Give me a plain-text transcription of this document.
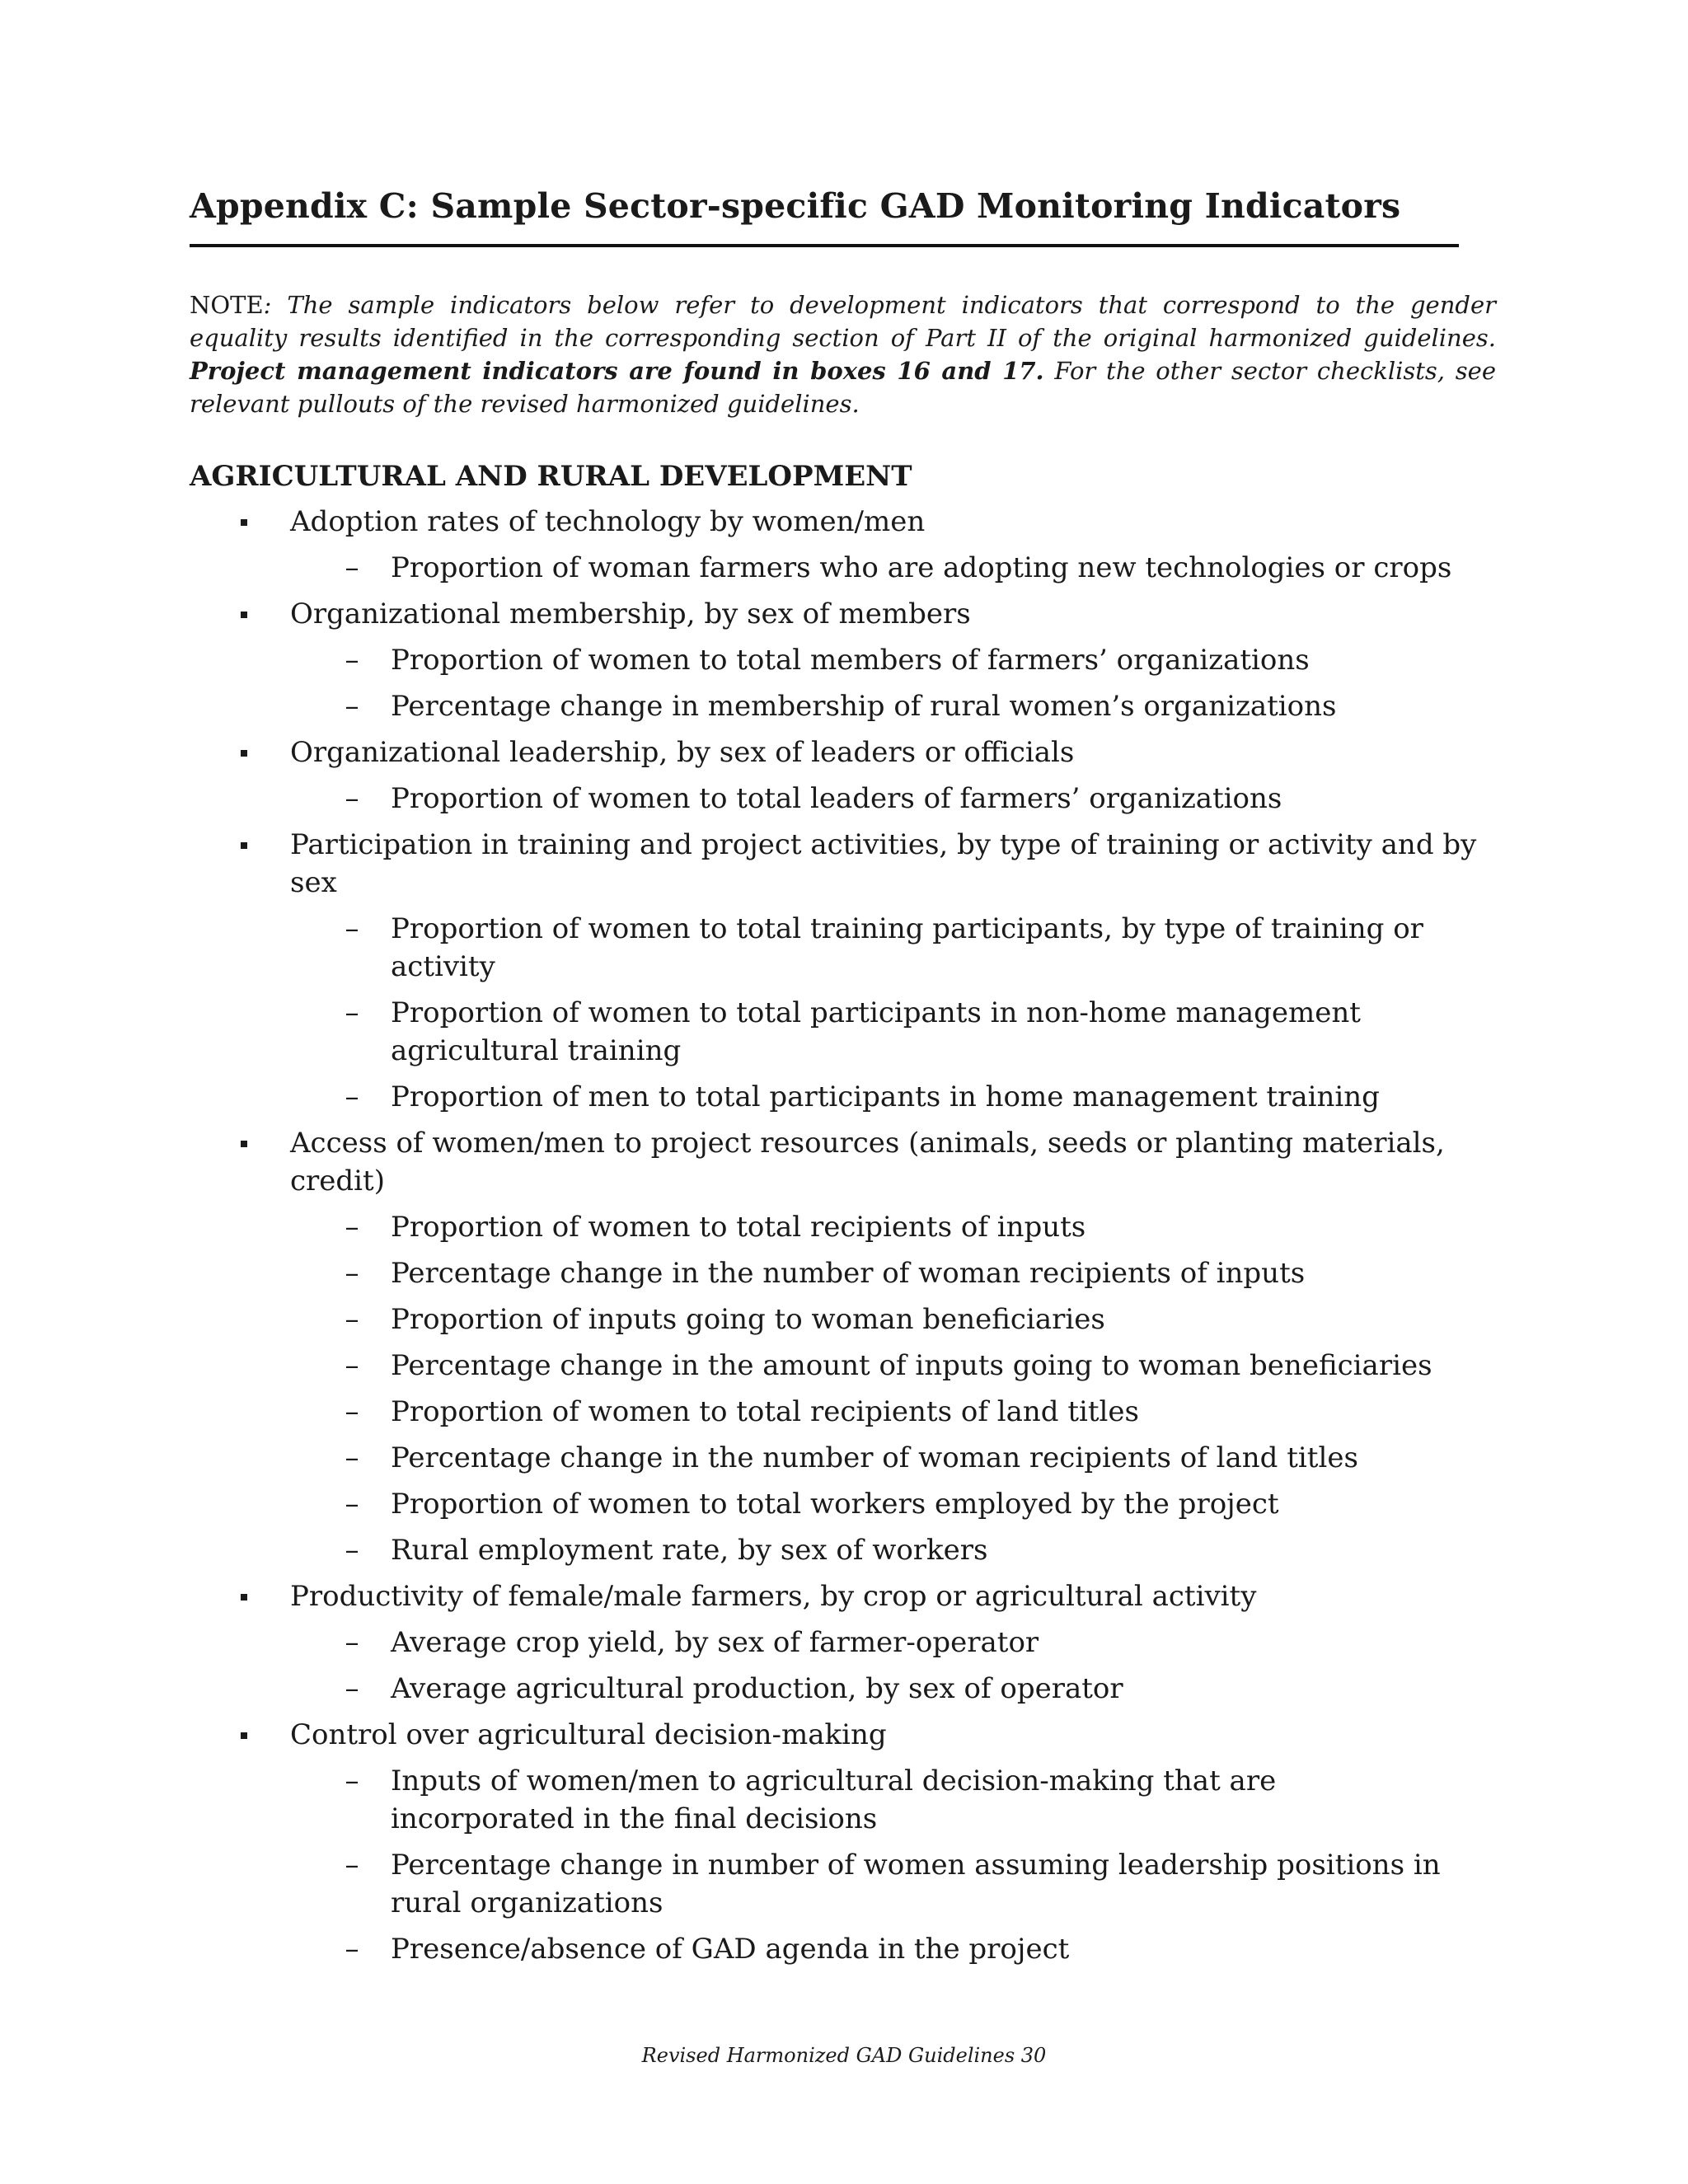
Appendix C: Sample Sector-specific GAD Monitoring Indicators

NOTE: The sample indicators below refer to development indicators that correspond to the gender equality results identified in the corresponding section of Part II of the original harmonized guidelines. Project management indicators are found in boxes 16 and 17. For the other sector checklists, see relevant pullouts of the revised harmonized guidelines.

AGRICULTURAL AND RURAL DEVELOPMENT
Adoption rates of technology by women/men
– Proportion of woman farmers who are adopting new technologies or crops
Organizational membership, by sex of members
– Proportion of women to total members of farmers’ organizations
– Percentage change in membership of rural women’s organizations
Organizational leadership, by sex of leaders or officials
– Proportion of women to total leaders of farmers’ organizations
Participation in training and project activities, by type of training or activity and by sex
– Proportion of women to total training participants, by type of training or activity
– Proportion of women to total participants in non-home management agricultural training
– Proportion of men to total participants in home management training
Access of women/men to project resources (animals, seeds or planting materials, credit)
– Proportion of women to total recipients of inputs
– Percentage change in the number of woman recipients of inputs
– Proportion of inputs going to woman beneficiaries
– Percentage change in the amount of inputs going to woman beneficiaries
– Proportion of women to total recipients of land titles
– Percentage change in the number of woman recipients of land titles
– Proportion of women to total workers employed by the project
– Rural employment rate, by sex of workers
Productivity of female/male farmers, by crop or agricultural activity
– Average crop yield, by sex of farmer-operator
– Average agricultural production, by sex of operator
Control over agricultural decision-making
– Inputs of women/men to agricultural decision-making that are incorporated in the final decisions
– Percentage change in number of women assuming leadership positions in rural organizations
– Presence/absence of GAD agenda in the project
Revised Harmonized GAD Guidelines 30
